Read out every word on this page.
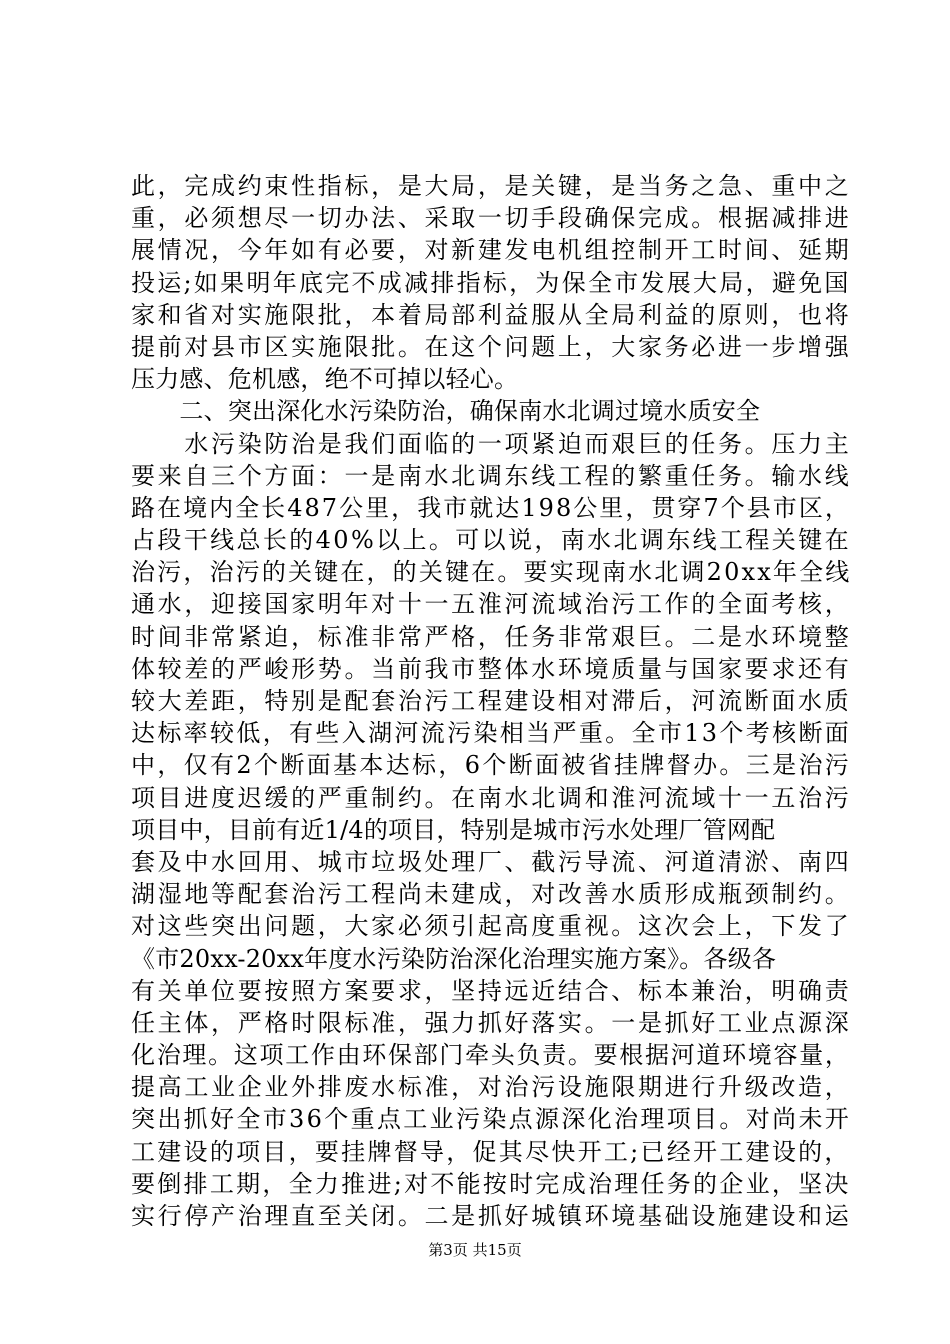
此，完成约束性指标，是大局，是关键，是当务之急、重中之
重，必须想尽一切办法、采取一切手段确保完成。根据减排进
展情况，今年如有必要，对新建发电机组控制开工时间、延期
投运;如果明年底完不成减排指标，为保全市发展大局，避免国
家和省对实施限批，本着局部利益服从全局利益的原则，也将
提前对县市区实施限批。在这个问题上，大家务必进一步增强
压力感、危机感，绝不可掉以轻心。
　　二、突出深化水污染防治，确保南水北调过境水质安全
　　水污染防治是我们面临的一项紧迫而艰巨的任务。压力主
要来自三个方面：一是南水北调东线工程的繁重任务。输水线
路在境内全长487公里，我市就达198公里，贯穿7个县市区，
占段干线总长的40%以上。可以说，南水北调东线工程关键在
治污，治污的关键在，的关键在。要实现南水北调20xx年全线
通水，迎接国家明年对十一五淮河流域治污工作的全面考核，
时间非常紧迫，标准非常严格，任务非常艰巨。二是水环境整
体较差的严峻形势。当前我市整体水环境质量与国家要求还有
较大差距，特别是配套治污工程建设相对滞后，河流断面水质
达标率较低，有些入湖河流污染相当严重。全市13个考核断面
中，仅有2个断面基本达标，6个断面被省挂牌督办。三是治污
项目进度迟缓的严重制约。在南水北调和淮河流域十一五治污
项目中，目前有近1/4的项目，特别是城市污水处理厂管网配
套及中水回用、城市垃圾处理厂、截污导流、河道清淤、南四
湖湿地等配套治污工程尚未建成，对改善水质形成瓶颈制约。
对这些突出问题，大家必须引起高度重视。这次会上，下发了
《市20xx-20xx年度水污染防治深化治理实施方案》。各级各
有关单位要按照方案要求，坚持远近结合、标本兼治，明确责
任主体，严格时限标准，强力抓好落实。一是抓好工业点源深
化治理。这项工作由环保部门牵头负责。要根据河道环境容量，
提高工业企业外排废水标准，对治污设施限期进行升级改造，
突出抓好全市36个重点工业污染点源深化治理项目。对尚未开
工建设的项目，要挂牌督导，促其尽快开工;已经开工建设的，
要倒排工期，全力推进;对不能按时完成治理任务的企业，坚决
实行停产治理直至关闭。二是抓好城镇环境基础设施建设和运
第3页 共15页
